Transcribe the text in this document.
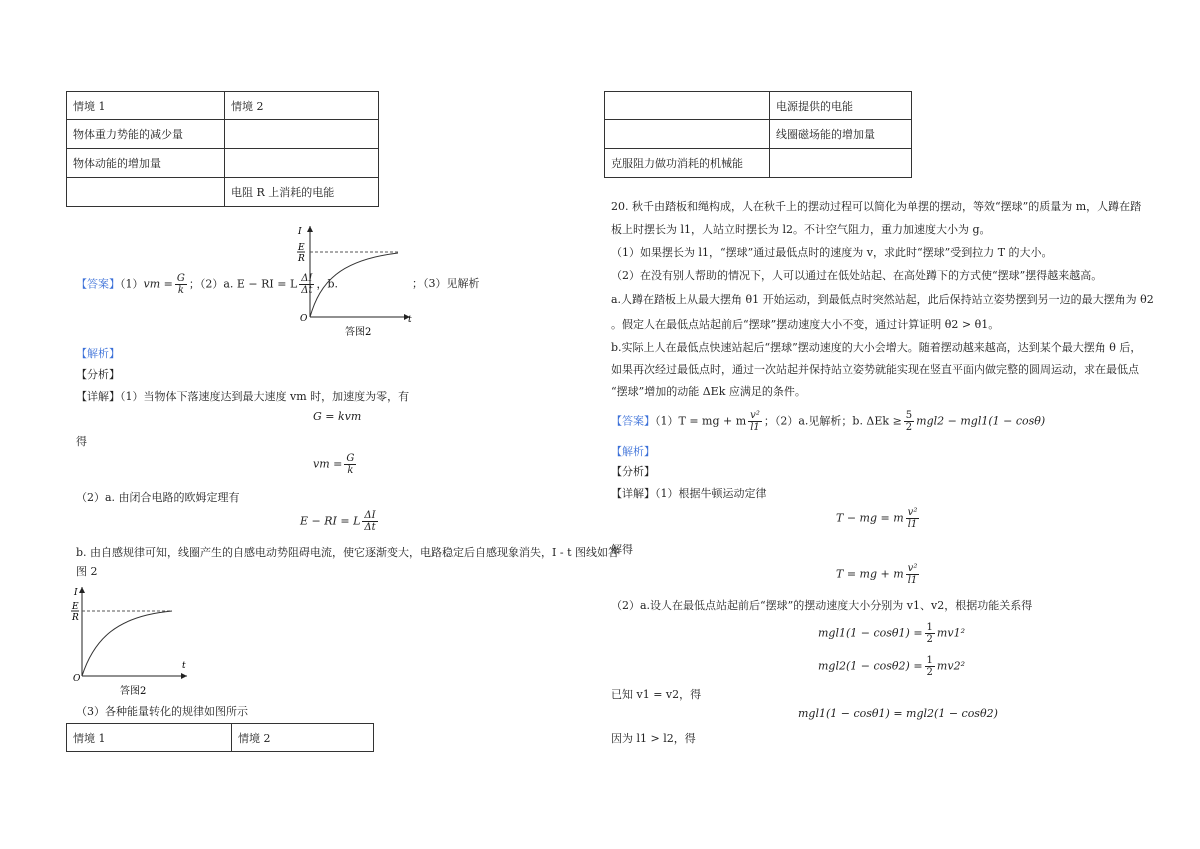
情境 1	情境 2
物体重力势能的减少量	
物体动能的增加量	
	电阻 R 上消耗的电能
【答案】$(1)vm = \frac{G}{k}$ ；（2）a. E − RI = L $\frac{\Delta I}{\Delta t}$ ，b.	；（3）见解析
I
E
R
O	t
答图2
【解析】
【分析】
【详解】（1）当物体下落速度达到最大速度 vm 时，加速度为零，有
G = kvm
得
vm = $\frac{G}{k}$
（2）a. 由闭合电路的欧姆定理有
E − RI = L $\frac{\Delta I}{\Delta t}$
b. 由自感规律可知，线圈产生的自感电动势阻碍电流，使它逐渐变大，电路稳定后自感现象消失，I - t 图线如答
图 2
I
E
R
O
t
答图2
（3）各种能量转化的规律如图所示
情境 1	情境 2
	电源提供的电能
	线圈磁场能的增加量
克服阻力做功消耗的机械能	
20. 秋千由踏板和绳构成，人在秋千上的摆动过程可以简化为单摆的摆动，等效“摆球”的质量为 m，人蹲在踏
板上时摆长为 l1，人站立时摆长为 l2。不计空气阻力，重力加速度大小为 g。
（1）如果摆长为 l1，“摆球”通过最低点时的速度为 v，求此时“摆球”受到拉力 T 的大小。
（2）在没有别人帮助的情况下，人可以通过在低处站起、在高处蹲下的方式使“摆球”摆得越来越高。
a.人蹲在踏板上从最大摆角 θ1 开始运动，到最低点时突然站起，此后保持站立姿势摆到另一边的最大摆角为 θ2
。假定人在最低点站起前后“摆球”摆动速度大小不变，通过计算证明 θ2 > θ1。
b.实际上人在最低点快速站起后“摆球”摆动速度的大小会增大。随着摆动越来越高，达到某个最大摆角 θ 后，
如果再次经过最低点时，通过一次站起并保持站立姿势就能实现在竖直平面内做完整的圆周运动，求在最低点
“摆球”增加的动能 ΔEk 应满足的条件。
【答案】（1）T = mg + m $\frac{\text{v²}}{l1}$ ；（2）a.见解析；b. $\Delta Ek \ge \frac{5}{2} mgl2 - mgl1(1 - \cos\theta)$
【解析】
【分析】
【详解】（1）根据牛顿运动定律
T − mg = m $\frac{\text{v²}}{l1}$
解得
T = mg + m $\frac{\text{v²}}{l1}$
（2）a.设人在最低点站起前后“摆球”的摆动速度大小分别为 v1、v2，根据功能关系得
$mgl1(1 - \cos\theta 1) = \frac{1}{2} mv1^2$
$mgl2(1 - \cos\theta 2) = \frac{1}{2} mv2^2$
已知 v1 = v2，得
mgl1(1 − cosθ1) = mgl2(1 − cosθ2)
因为 l1 > l2，得
